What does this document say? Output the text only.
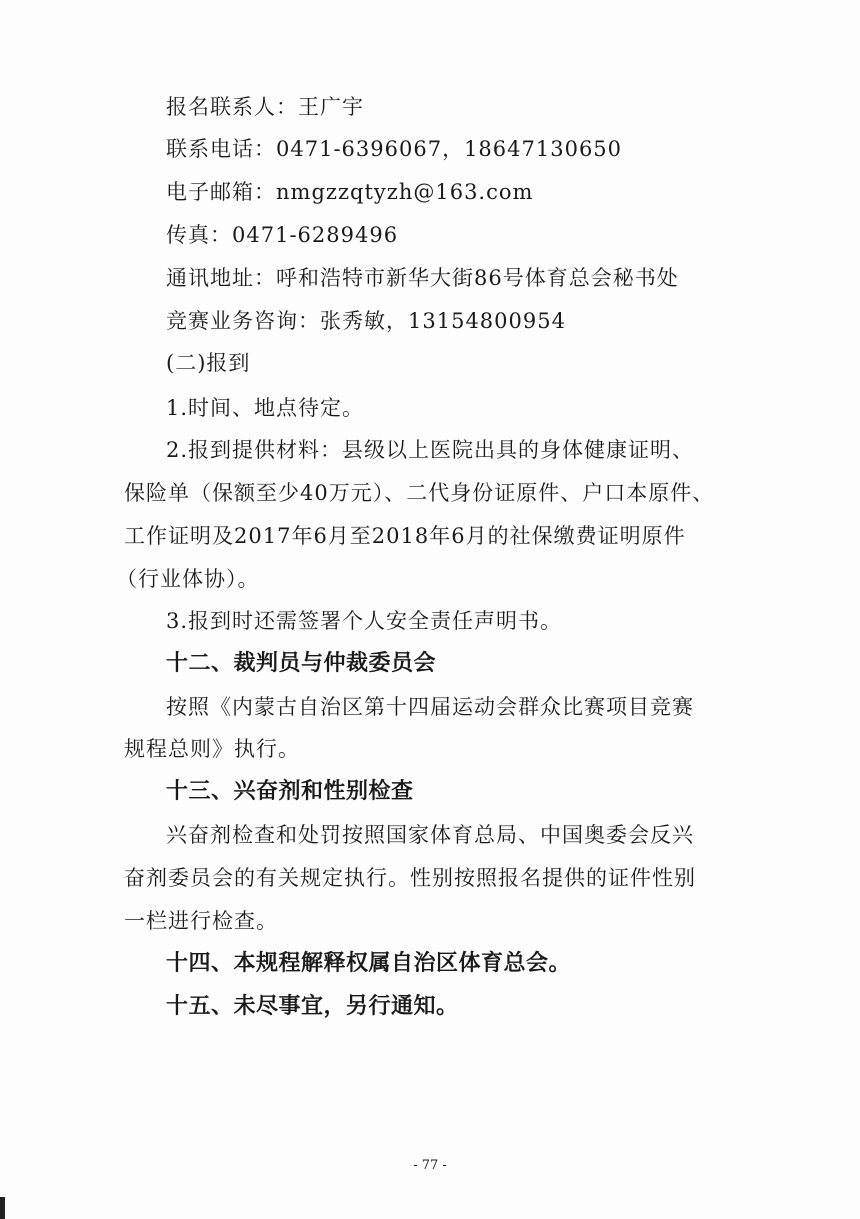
报名联系人：王广宇
联系电话：0471-6396067，18647130650
电子邮箱：nmgzzqtyzh@163.com
传真：0471-6289496
通讯地址：呼和浩特市新华大街86号体育总会秘书处
竞赛业务咨询：张秀敏，13154800954
(二)报到
1.时间、地点待定。
2.报到提供材料：县级以上医院出具的身体健康证明、
保险单（保额至少40万元）、二代身份证原件、户口本原件、
工作证明及2017年6月至2018年6月的社保缴费证明原件
（行业体协）。
3.报到时还需签署个人安全责任声明书。
十二、裁判员与仲裁委员会
按照《内蒙古自治区第十四届运动会群众比赛项目竞赛
规程总则》执行。
十三、兴奋剂和性别检查
兴奋剂检查和处罚按照国家体育总局、中国奥委会反兴
奋剂委员会的有关规定执行。性别按照报名提供的证件性别
一栏进行检查。
十四、本规程解释权属自治区体育总会。
十五、未尽事宜，另行通知。
- 77 -
